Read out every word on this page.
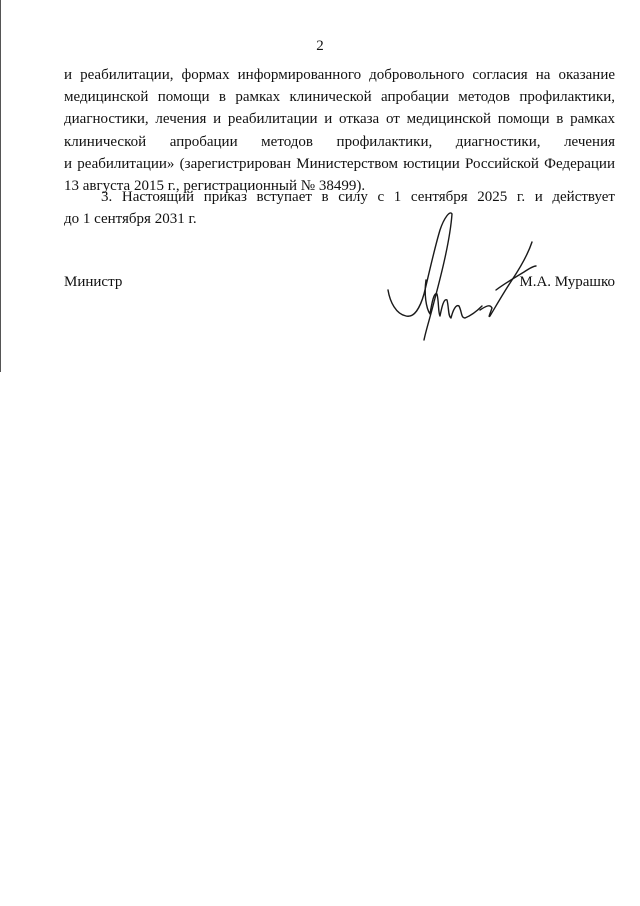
2
и реабилитации, формах информированного добровольного согласия на оказание
медицинской помощи в рамках клинической апробации методов профилактики,
диагностики, лечения и реабилитации и отказа от медицинской помощи в рамках
клинической апробации методов профилактики, диагностики, лечения
и реабилитации» (зарегистрирован Министерством юстиции Российской Федерации
13 августа 2015 г., регистрационный № 38499).
3. Настоящий приказ вступает в силу с 1 сентября 2025 г. и действует
до 1 сентября 2031 г.
Министр	М.А. Мурашко
